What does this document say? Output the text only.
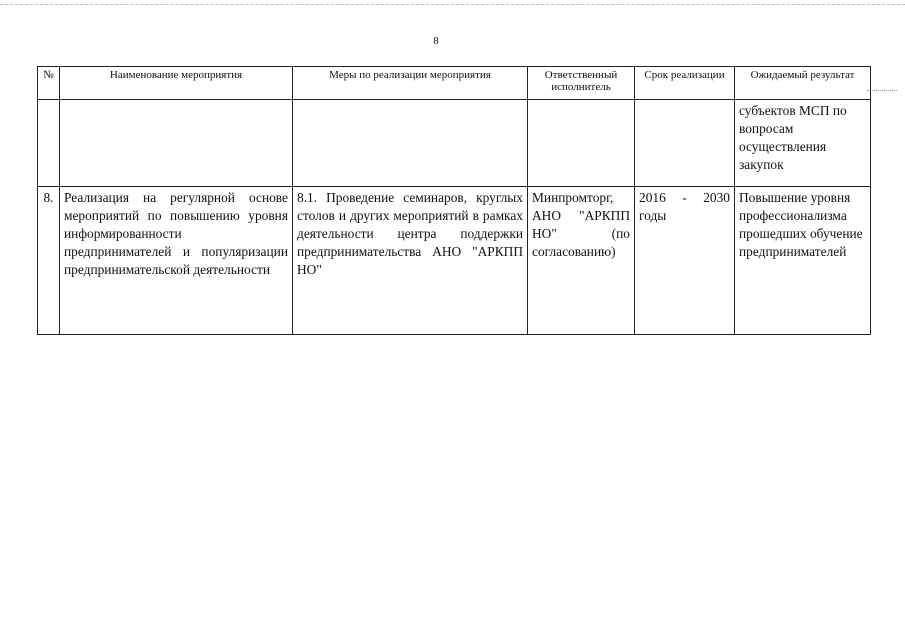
8
№	Наименование мероприятия	Меры по реализации мероприятия	Ответственный исполнитель	Срок реализации	Ожидаемый результат
					субъектов МСП по вопросам осуществления закупок
8.	Реализация на регулярной основе мероприятий по повышению уровня информированности предпринимателей и популяризации предпринимательской деятельности	8.1. Проведение семинаров, круглых столов и других мероприятий в рамках деятельности центра поддержки предпринимательства АНО "АРКПП НО"	Минпромторг, АНО "АРКПП НО" (по согласованию)	2016 - 2030 годы	Повышение уровня профессионализма прошедших обучение предпринимателей
